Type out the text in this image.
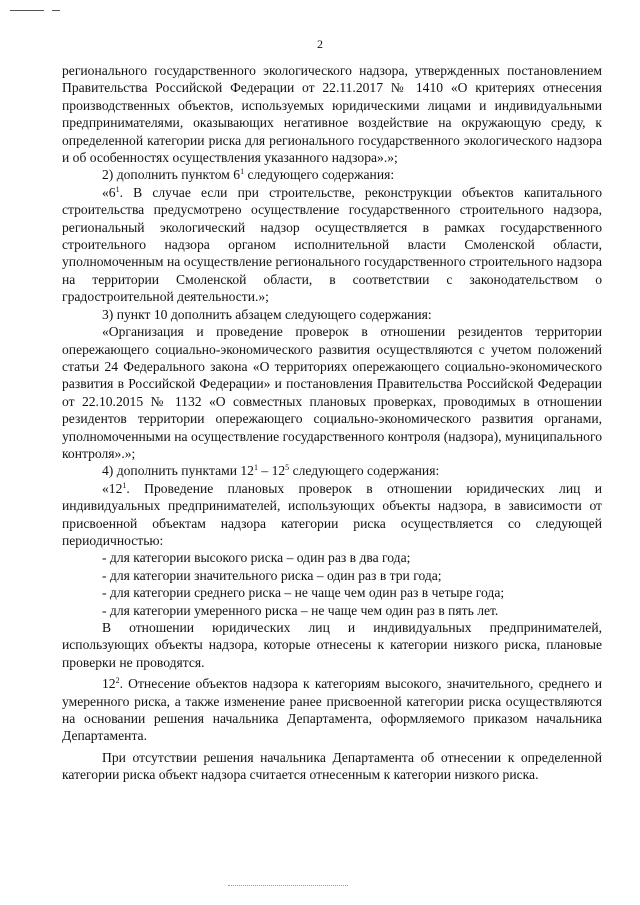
2

регионального государственного экологического надзора, утвержденных постановлением Правительства Российской Федерации от 22.11.2017 № 1410 «О критериях отнесения производственных объектов, используемых юридическими лицами и индивидуальными предпринимателями, оказывающих негативное воздействие на окружающую среду, к определенной категории риска для регионального государственного экологического надзора и об особенностях осуществления указанного надзора».»;

2) дополнить пунктом $6^1$ следующего содержания:

«$6^1$. В случае если при строительстве, реконструкции объектов капитального строительства предусмотрено осуществление государственного строительного надзора, региональный экологический надзор осуществляется в рамках государственного строительного надзора органом исполнительной власти Смоленской области, уполномоченным на осуществление регионального государственного строительного надзора на территории Смоленской области, в соответствии с законодательством о градостроительной деятельности.»;

3) пункт 10 дополнить абзацем следующего содержания:

«Организация и проведение проверок в отношении резидентов территории опережающего социально-экономического развития осуществляются с учетом положений статьи 24 Федерального закона «О территориях опережающего социально-экономического развития в Российской Федерации» и постановления Правительства Российской Федерации от 22.10.2015 № 1132 «О совместных плановых проверках, проводимых в отношении резидентов территории опережающего социально-экономического развития органами, уполномоченными на осуществление государственного контроля (надзора), муниципального контроля».»;

4) дополнить пунктами $12^1 - 12^5$ следующего содержания:

«$12^1$. Проведение плановых проверок в отношении юридических лиц и индивидуальных предпринимателей, использующих объекты надзора, в зависимости от присвоенной объектам надзора категории риска осуществляется со следующей периодичностью:

- для категории высокого риска – один раз в два года;

- для категории значительного риска – один раз в три года;

- для категории среднего риска – не чаще чем один раз в четыре года;

- для категории умеренного риска – не чаще чем один раз в пять лет.

В отношении юридических лиц и индивидуальных предпринимателей, использующих объекты надзора, которые отнесены к категории низкого риска, плановые проверки не проводятся.

$12^2$. Отнесение объектов надзора к категориям высокого, значительного, среднего и умеренного риска, а также изменение ранее присвоенной категории риска осуществляются на основании решения начальника Департамента, оформляемого приказом начальника Департамента.

При отсутствии решения начальника Департамента об отнесении к определенной категории риска объект надзора считается отнесенным к категории низкого риска.
